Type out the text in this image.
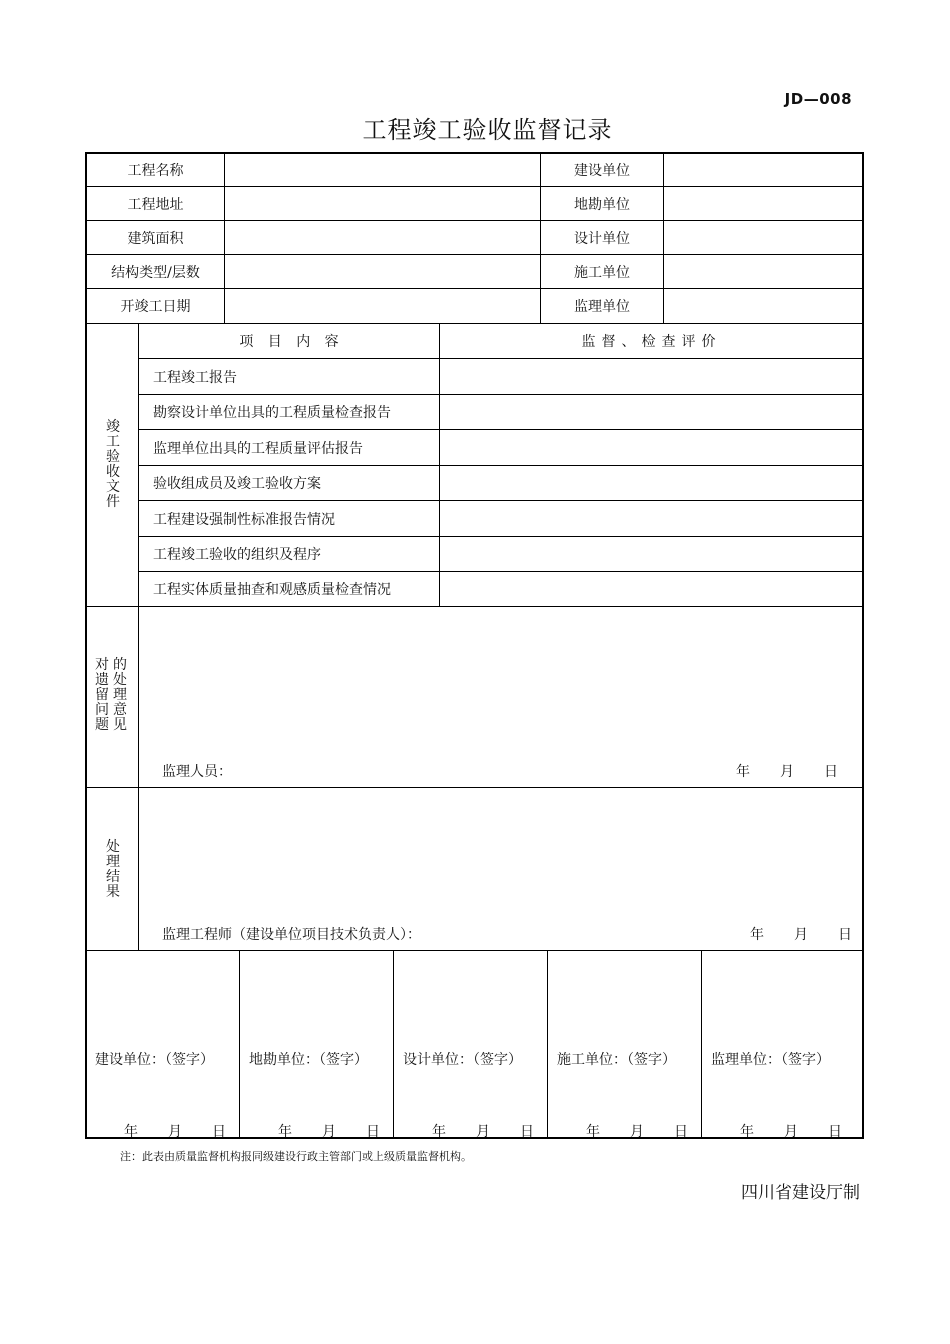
JD—008
工程竣工验收监督记录
工程名称	建设单位
工程地址	地勘单位
建筑面积	设计单位
结构类型/层数	施工单位
开竣工日期	监理单位
竣
工
验
收
文
件
项 目 内 容	监督、检查评价
工程竣工报告
勘察设计单位出具的工程质量检查报告
监理单位出具的工程质量评估报告
验收组成员及竣工验收方案
工程建设强制性标准报告情况
工程竣工验收的组织及程序
工程实体质量抽查和观感质量检查情况
对
遗
留
问
题
的
处
理
意
见
监理人员：	年 月 日
处
理
结
果
监理工程师（建设单位项目技术负责人）：	年 月 日
建设单位：（签字）	地勘单位：（签字）	设计单位：（签字）	施工单位：（签字）	监理单位：（签字）
年 月 日	年 月 日	年 月 日	年 月 日	年 月 日
注：此表由质量监督机构报同级建设行政主管部门或上级质量监督机构。
四川省建设厅制
